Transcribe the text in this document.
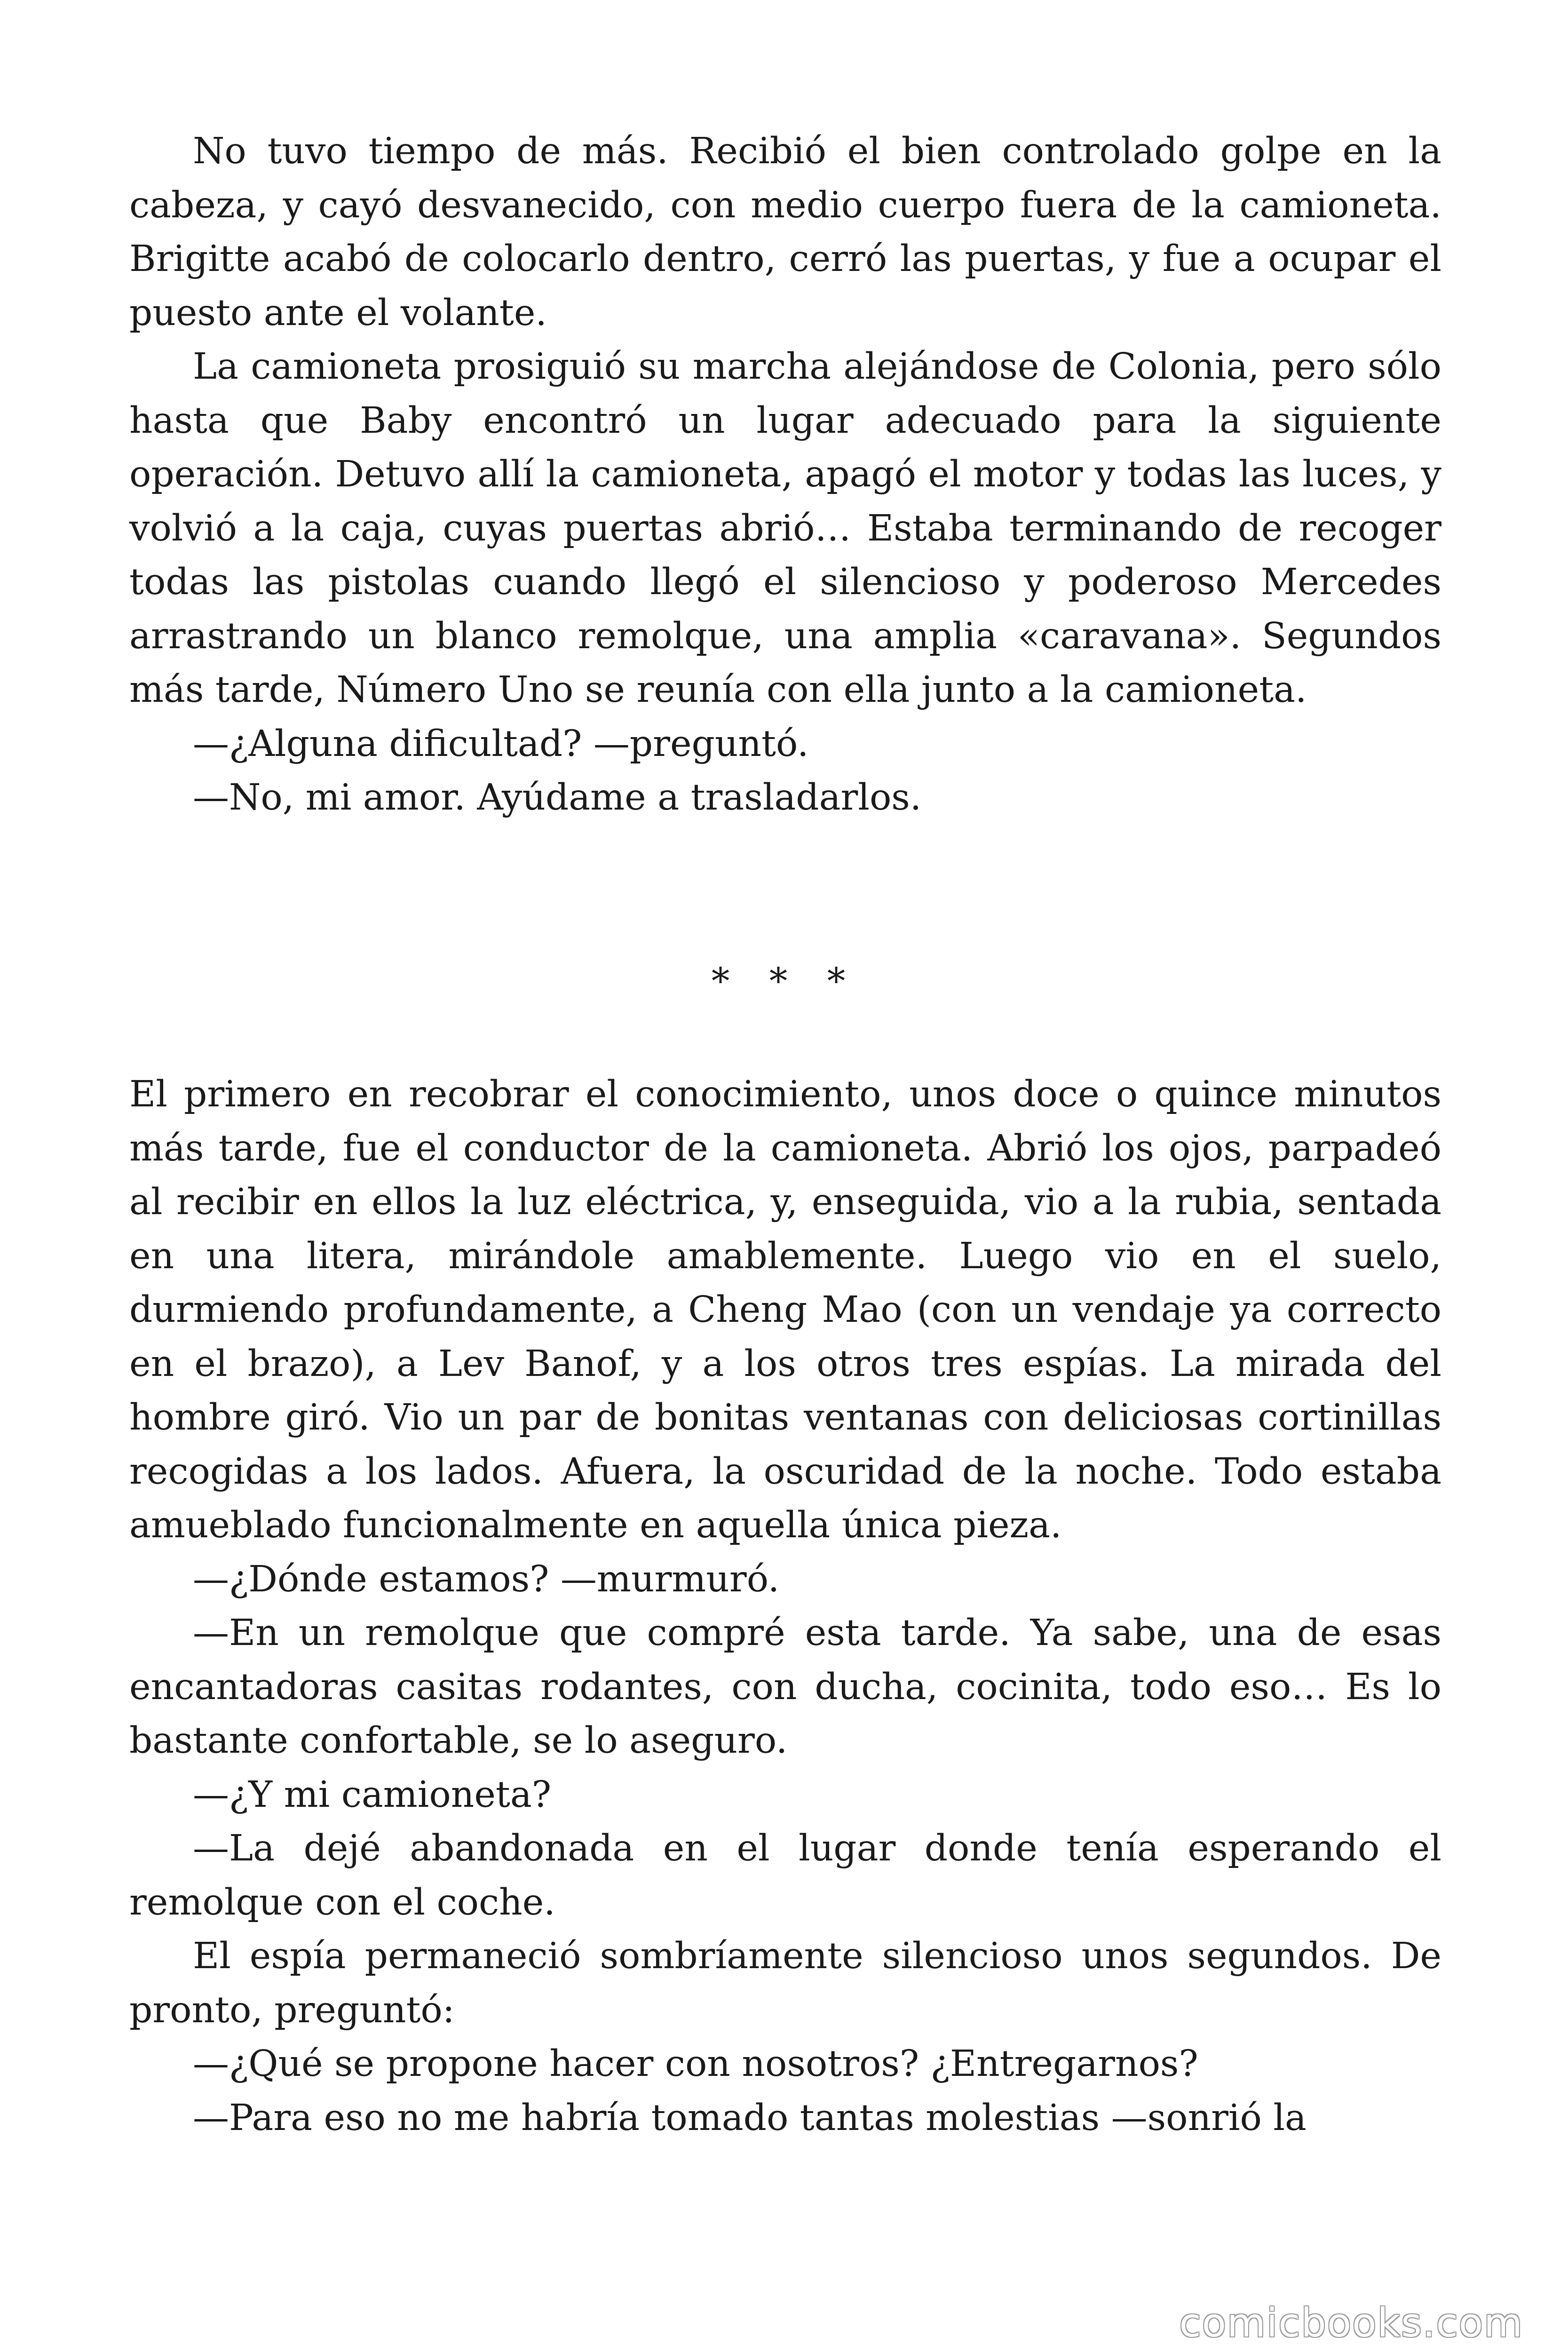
No tuvo tiempo de más. Recibió el bien controlado golpe en la cabeza, y cayó desvanecido, con medio cuerpo fuera de la camioneta. Brigitte acabó de colocarlo dentro, cerró las puertas, y fue a ocupar el puesto ante el volante.

La camioneta prosiguió su marcha alejándose de Colonia, pero sólo hasta que Baby encontró un lugar adecuado para la siguiente operación. Detuvo allí la camioneta, apagó el motor y todas las luces, y volvió a la caja, cuyas puertas abrió… Estaba terminando de recoger todas las pistolas cuando llegó el silencioso y poderoso Mercedes arrastrando un blanco remolque, una amplia «caravana». Segundos más tarde, Número Uno se reunía con ella junto a la camioneta.

—¿Alguna dificultad? —preguntó.

—No, mi amor. Ayúdame a trasladarlos.

* * *

El primero en recobrar el conocimiento, unos doce o quince minutos más tarde, fue el conductor de la camioneta. Abrió los ojos, parpadeó al recibir en ellos la luz eléctrica, y, enseguida, vio a la rubia, sentada en una litera, mirándole amablemente. Luego vio en el suelo, durmiendo profundamente, a Cheng Mao (con un vendaje ya correcto en el brazo), a Lev Banof, y a los otros tres espías. La mirada del hombre giró. Vio un par de bonitas ventanas con deliciosas cortinillas recogidas a los lados. Afuera, la oscuridad de la noche. Todo estaba amueblado funcionalmente en aquella única pieza.

—¿Dónde estamos? —murmuró.

—En un remolque que compré esta tarde. Ya sabe, una de esas encantadoras casitas rodantes, con ducha, cocinita, todo eso… Es lo bastante confortable, se lo aseguro.

—¿Y mi camioneta?

—La dejé abandonada en el lugar donde tenía esperando el remolque con el coche.

El espía permaneció sombríamente silencioso unos segundos. De pronto, preguntó:

—¿Qué se propone hacer con nosotros? ¿Entregarnos?

—Para eso no me habría tomado tantas molestias —sonrió la

comicbooks.com
